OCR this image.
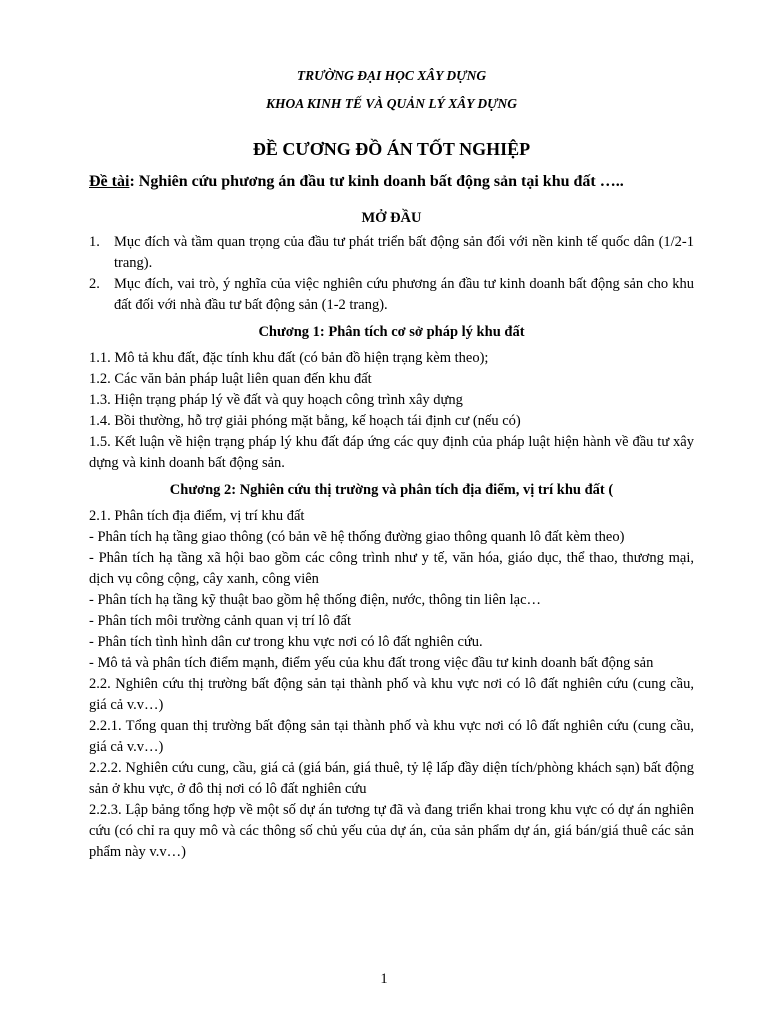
TRƯỜNG ĐẠI HỌC XÂY DỰNG

KHOA KINH TẾ VÀ QUẢN LÝ XÂY DỰNG

ĐỀ CƯƠNG ĐỒ ÁN TỐT NGHIỆP

Đề tài: Nghiên cứu phương án đầu tư kinh doanh bất động sản tại khu đất …..

MỞ ĐẦU
1. Mục đích và tầm quan trọng của đầu tư phát triển bất động sản đối với nền kinh tế quốc dân (1/2-1 trang).
2. Mục đích, vai trò, ý nghĩa của việc nghiên cứu phương án đầu tư kinh doanh bất động sản cho khu đất đối với nhà đầu tư bất động sản (1-2 trang).
Chương 1: Phân tích cơ sở pháp lý khu đất

1.1. Mô tả khu đất, đặc tính khu đất (có bản đồ hiện trạng kèm theo);

1.2. Các văn bản pháp luật liên quan đến khu đất

1.3. Hiện trạng pháp lý về đất và quy hoạch công trình xây dựng

1.4. Bồi thường, hỗ trợ giải phóng mặt bằng, kế hoạch tái định cư (nếu có)

1.5. Kết luận về hiện trạng pháp lý khu đất đáp ứng các quy định của pháp luật hiện hành về đầu tư xây dựng và kinh doanh bất động sản.

Chương 2: Nghiên cứu thị trường và phân tích địa điểm, vị trí khu đất (

2.1. Phân tích địa điểm, vị trí khu đất

- Phân tích hạ tầng giao thông (có bản vẽ hệ thống đường giao thông quanh lô đất kèm theo)

- Phân tích hạ tầng xã hội bao gồm các công trình như y tế, văn hóa, giáo dục, thể thao, thương mại, dịch vụ công cộng, cây xanh, công viên

- Phân tích hạ tầng kỹ thuật bao gồm hệ thống điện, nước, thông tin liên lạc…

- Phân tích môi trường cảnh quan vị trí lô đất

- Phân tích tình hình dân cư trong khu vực nơi có lô đất nghiên cứu.

- Mô tả và phân tích điểm mạnh, điểm yếu của khu đất trong việc đầu tư kinh doanh bất động sản

2.2. Nghiên cứu thị trường bất động sản tại thành phố và khu vực nơi có lô đất nghiên cứu (cung cầu, giá cả v.v…)

2.2.1. Tổng quan thị trường bất động sản tại thành phố và khu vực nơi có lô đất nghiên cứu (cung cầu, giá cả v.v…)

2.2.2. Nghiên cứu cung, cầu, giá cả (giá bán, giá thuê, tỷ lệ lấp đầy diện tích/phòng khách sạn) bất động sản ở khu vực, ở đô thị nơi có lô đất nghiên cứu

2.2.3. Lập bảng tổng hợp về một số dự án tương tự đã và đang triển khai trong khu vực có dự án nghiên cứu (có chỉ ra quy mô và các thông số chủ yếu của dự án, của sản phẩm dự án, giá bán/giá thuê các sản phẩm này v.v…)

1
